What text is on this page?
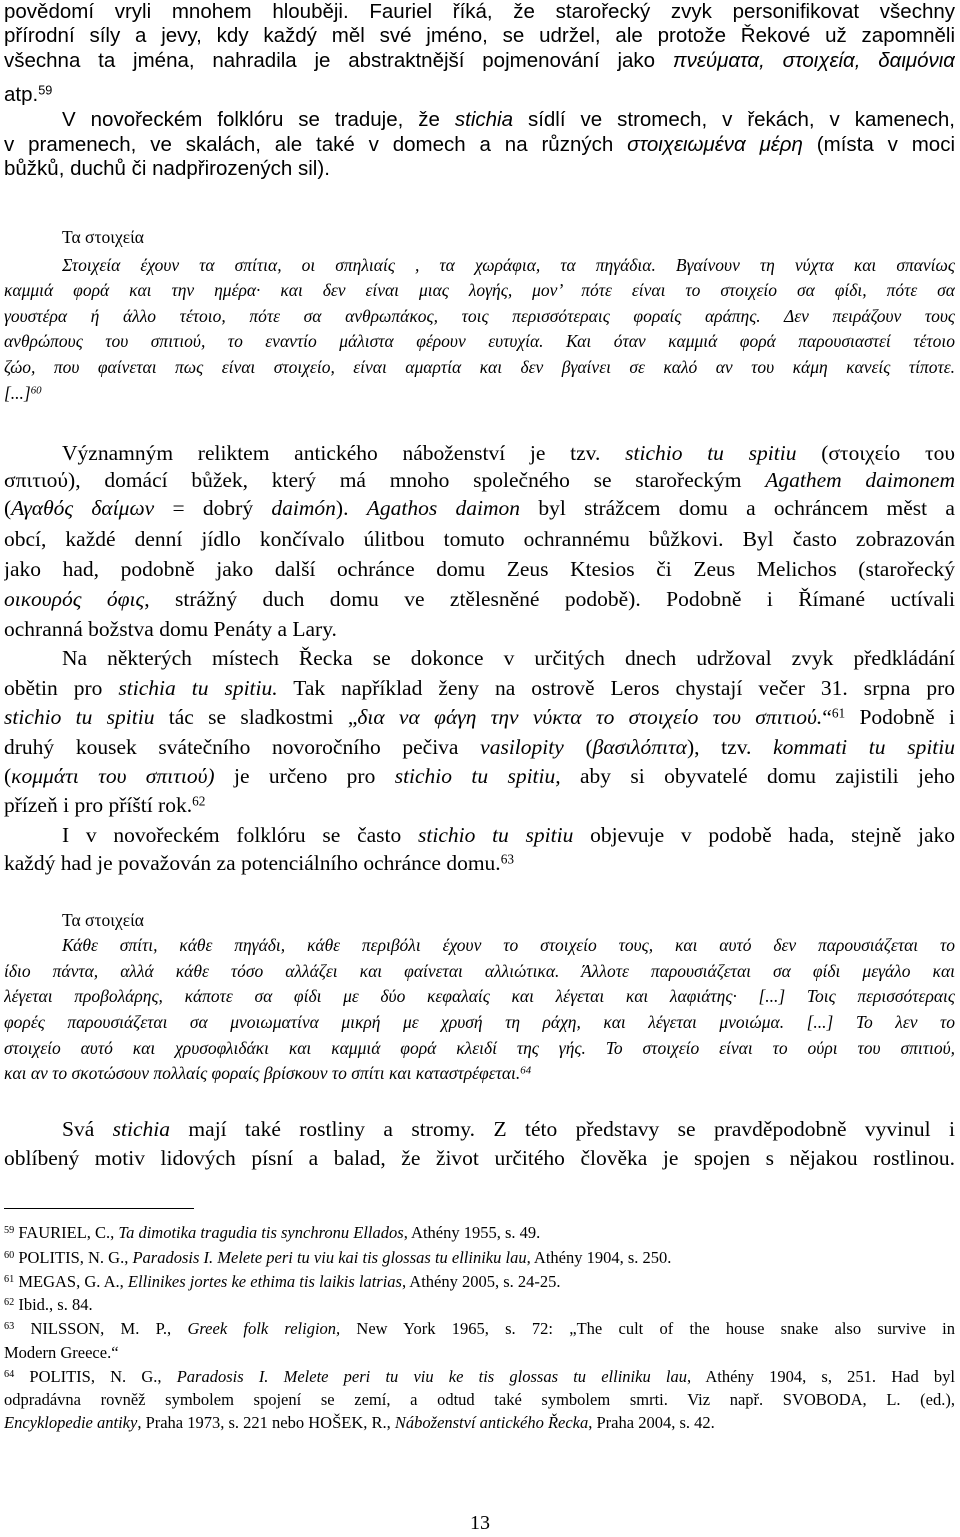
povědomí vryli mnohem hlouběji. Fauriel říká, že starořecký zvyk personifikovat všechny
přírodní síly a jevy, kdy každý měl své jméno, se udržel, ale protože Řekové už zapomněli
všechna ta jména, nahradila je abstraktnější pojmenování jako πνεύματα, στοιχεία, δαιμόνια
atp.$^{59}$
V novořeckém folklóru se traduje, že stichia sídlí ve stromech, v řekách, v kamenech,
v pramenech, ve skalách, ale také v domech a na různých στοιχειωμένα μέρη (místa v moci
bůžků, duchů či nadpřirozených sil).
Τα στοιχεία
Στοιχεία έχουν τα σπίτια, οι σπηλιαίς , τα χωράφια, τα πηγάδια. Βγαίνουν τη νύχτα και σπανίως
καμμιά φορά και την ημέρα· και δεν είναι μιας λογής, μον’ πότε είναι το στοιχείο σα φίδι, πότε σα
γουστέρα ή άλλο τέτοιο, πότε σα ανθρωπάκος, τοις περισσότεραις φοραίς αράπης. Δεν πειράζουν τους
ανθρώπους του σπιτιού, το εναντίο μάλιστα φέρουν ευτυχία. Και όταν καμμιά φορά παρουσιαστεί τέτοιο
ζώο, που φαίνεται πως είναι στοιχείο, είναι αμαρτία και δεν βγαίνει σε καλό αν του κάμη κανείς τίποτε.
[...]$^{60}$
Významným reliktem antického náboženství je tzv. stichio tu spitiu (στοιχείο του
σπιτιού), domácí bůžek, který má mnoho společného se starořeckým Agathem daimonem
(Αγαθός δαίμων = dobrý daimón). Agathos daimon byl strážcem domu a ochráncem měst a
obcí, každé denní jídlo končívalo úlitbou tomuto ochrannému bůžkovi. Byl často zobrazován
jako had, podobně jako další ochránce domu Zeus Ktesios či Zeus Melichos (starořecký
οικουρός όφις, strážný duch domu ve ztělesněné podobě). Podobně i Římané uctívali
ochranná božstva domu Penáty a Lary.
Na některých místech Řecka se dokonce v určitých dnech udržoval zvyk předkládání
obětin pro stichia tu spitiu. Tak například ženy na ostrově Leros chystají večer 31. srpna pro
stichio tu spitiu tác se sladkostmi „δια να φάγη την νύκτα το στοιχείο του σπιτιού.“$^{61}$ Podobně i
druhý kousek svátečního novoročního pečiva vasilopity (βασιλόπιτα), tzv. kommati tu spitiu
(κομμάτι του σπιτιού) je určeno pro stichio tu spitiu, aby si obyvatelé domu zajistili jeho
přízeň i pro příští rok.$^{62}$
I v novořeckém folklóru se často stichio tu spitiu objevuje v podobě hada, stejně jako
každý had je považován za potenciálního ochránce domu.$^{63}$
Τα στοιχεία
Κάθε σπίτι, κάθε πηγάδι, κάθε περιβόλι έχουν το στοιχείο τους, και αυτό δεν παρουσιάζεται το
ίδιο πάντα, αλλά κάθε τόσο αλλάζει και φαίνεται αλλιώτικα. Άλλοτε παρουσιάζεται σα φίδι μεγάλο και
λέγεται προβολάρης, κάποτε σα φίδι με δύο κεφαλαίς και λέγεται και λαφιάτης· [...] Τοις περισσότεραις
φορές παρουσιάζεται σα μνοιωματίνα μικρή με χρυσή τη ράχη, και λέγεται μνοιώμα. [...] Το λεν το
στοιχείο αυτό και χρυσοφλιδάκι και καμμιά φορά κλειδί της γής. Το στοιχείο είναι το ούρι του σπιτιού,
και αν το σκοτώσουν πολλαίς φοραίς βρίσκουν το σπίτι και καταστρέφεται.$^{64}$
Svá stichia mají také rostliny a stromy. Z této představy se pravděpodobně vyvinul i
oblíbený motiv lidových písní a balad, že život určitého člověka je spojen s nějakou rostlinou.
$^{59}$ FAURIEL, C., Ta dimotika tragudia tis synchronu Ellados, Athény 1955, s. 49.
$^{60}$ POLITIS, N. G., Paradosis I. Melete peri tu viu kai tis glossas tu elliniku lau, Athény 1904, s. 250.
$^{61}$ MEGAS, G. A., Ellinikes jortes ke ethima tis laikis latrias, Athény 2005, s. 24-25.
$^{62}$ Ibid., s. 84.
$^{63}$ NILSSON, M. P., Greek folk religion, New York 1965, s. 72: „The cult of the house snake also survive in
Modern Greece.“
$^{64}$ POLITIS, N. G., Paradosis I. Melete peri tu viu ke tis glossas tu elliniku lau, Athény 1904, s, 251. Had byl
odpradávna rovněž symbolem spojení se zemí, a odtud také symbolem smrti. Viz např. SVOBODA, L. (ed.),
Encyklopedie antiky, Praha 1973, s. 221 nebo HOŠEK, R., Náboženství antického Řecka, Praha 2004, s. 42.
13
